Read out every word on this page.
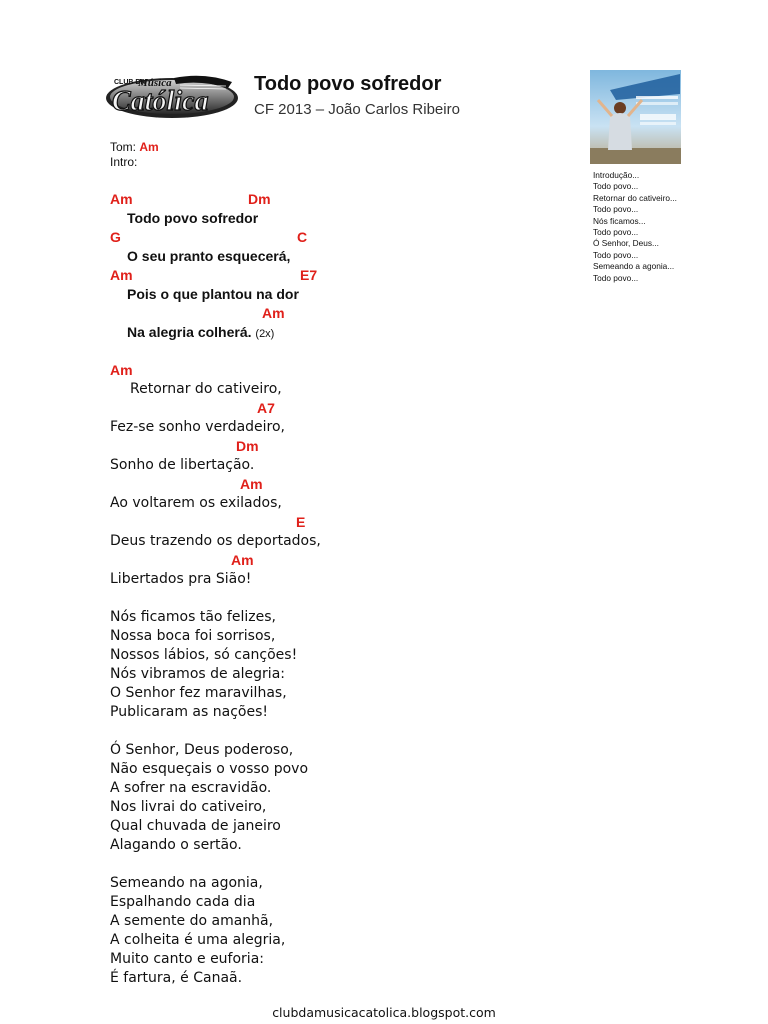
CLUB DA
Música
Católica
Todo povo sofredor
CF 2013 – João Carlos Ribeiro
Introdução...
Todo povo...
Retornar do cativeiro...
Todo povo...
Nós ficamos...
Todo povo...
Ó Senhor, Deus...
Todo povo...
Semeando a agonia...
Todo povo...
Tom: Am
Intro:
Am	Dm
Todo povo sofredor
G	C
O seu pranto esquecerá,
Am	E7
Pois o que plantou na dor
Am
Na alegria colherá. (2x)
Am
Retornar do cativeiro,
A7
Fez-se sonho verdadeiro,
Dm
Sonho de libertação.
Am
Ao voltarem os exilados,
E
Deus trazendo os deportados,
Am
Libertados pra Sião!
Nós ficamos tão felizes,
Nossa boca foi sorrisos,
Nossos lábios, só canções!
Nós vibramos de alegria:
O Senhor fez maravilhas,
Publicaram as nações!
Ó Senhor, Deus poderoso,
Não esqueçais o vosso povo
A sofrer na escravidão.
Nos livrai do cativeiro,
Qual chuvada de janeiro
Alagando o sertão.
Semeando na agonia,
Espalhando cada dia
A semente do amanhã,
A colheita é uma alegria,
Muito canto e euforia:
É fartura, é Canaã.
clubdamusicacatolica.blogspot.com
